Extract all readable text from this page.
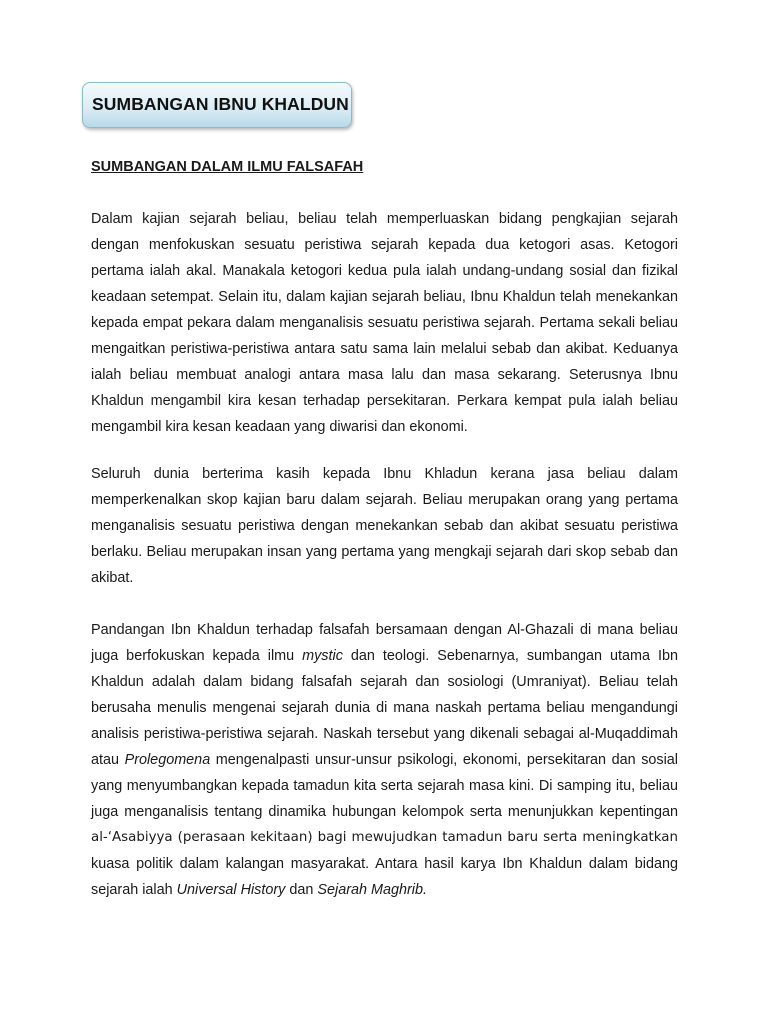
SUMBANGAN IBNU KHALDUN
SUMBANGAN DALAM ILMU FALSAFAH
Dalam kajian sejarah beliau, beliau telah memperluaskan bidang pengkajian sejarah
dengan menfokuskan sesuatu peristiwa sejarah kepada dua ketogori asas. Ketogori
pertama ialah akal. Manakala ketogori kedua pula ialah undang-undang sosial dan fizikal
keadaan setempat. Selain itu, dalam kajian sejarah beliau, Ibnu Khaldun telah menekankan
kepada empat pekara dalam menganalisis sesuatu peristiwa sejarah. Pertama sekali beliau
mengaitkan peristiwa-peristiwa antara satu sama lain melalui sebab dan akibat. Keduanya
ialah beliau membuat analogi antara masa lalu dan masa sekarang. Seterusnya Ibnu
Khaldun mengambil kira kesan terhadap persekitaran. Perkara kempat pula ialah beliau
mengambil kira kesan keadaan yang diwarisi dan ekonomi.
Seluruh dunia berterima kasih kepada Ibnu Khladun kerana jasa beliau dalam
memperkenalkan skop kajian baru dalam sejarah. Beliau merupakan orang yang pertama
menganalisis sesuatu peristiwa dengan menekankan sebab dan akibat sesuatu peristiwa
berlaku. Beliau merupakan insan yang pertama yang mengkaji sejarah dari skop sebab dan
akibat.
Pandangan Ibn Khaldun terhadap falsafah bersamaan dengan Al-Ghazali di mana beliau
juga berfokuskan kepada ilmu mystic dan teologi. Sebenarnya, sumbangan utama Ibn
Khaldun adalah dalam bidang falsafah sejarah dan sosiologi (Umraniyat). Beliau telah
berusaha menulis mengenai sejarah dunia di mana naskah pertama beliau mengandungi
analisis peristiwa-peristiwa sejarah. Naskah tersebut yang dikenali sebagai al-Muqaddimah
atau Prolegomena mengenalpasti unsur-unsur psikologi, ekonomi, persekitaran dan sosial
yang menyumbangkan kepada tamadun kita serta sejarah masa kini. Di samping itu, beliau
juga menganalisis tentang dinamika hubungan kelompok serta menunjukkan kepentingan
al-‘Asabiyya (perasaan kekitaan) bagi mewujudkan tamadun baru serta meningkatkan
kuasa politik dalam kalangan masyarakat. Antara hasil karya Ibn Khaldun dalam bidang
sejarah ialah Universal History dan Sejarah Maghrib.
